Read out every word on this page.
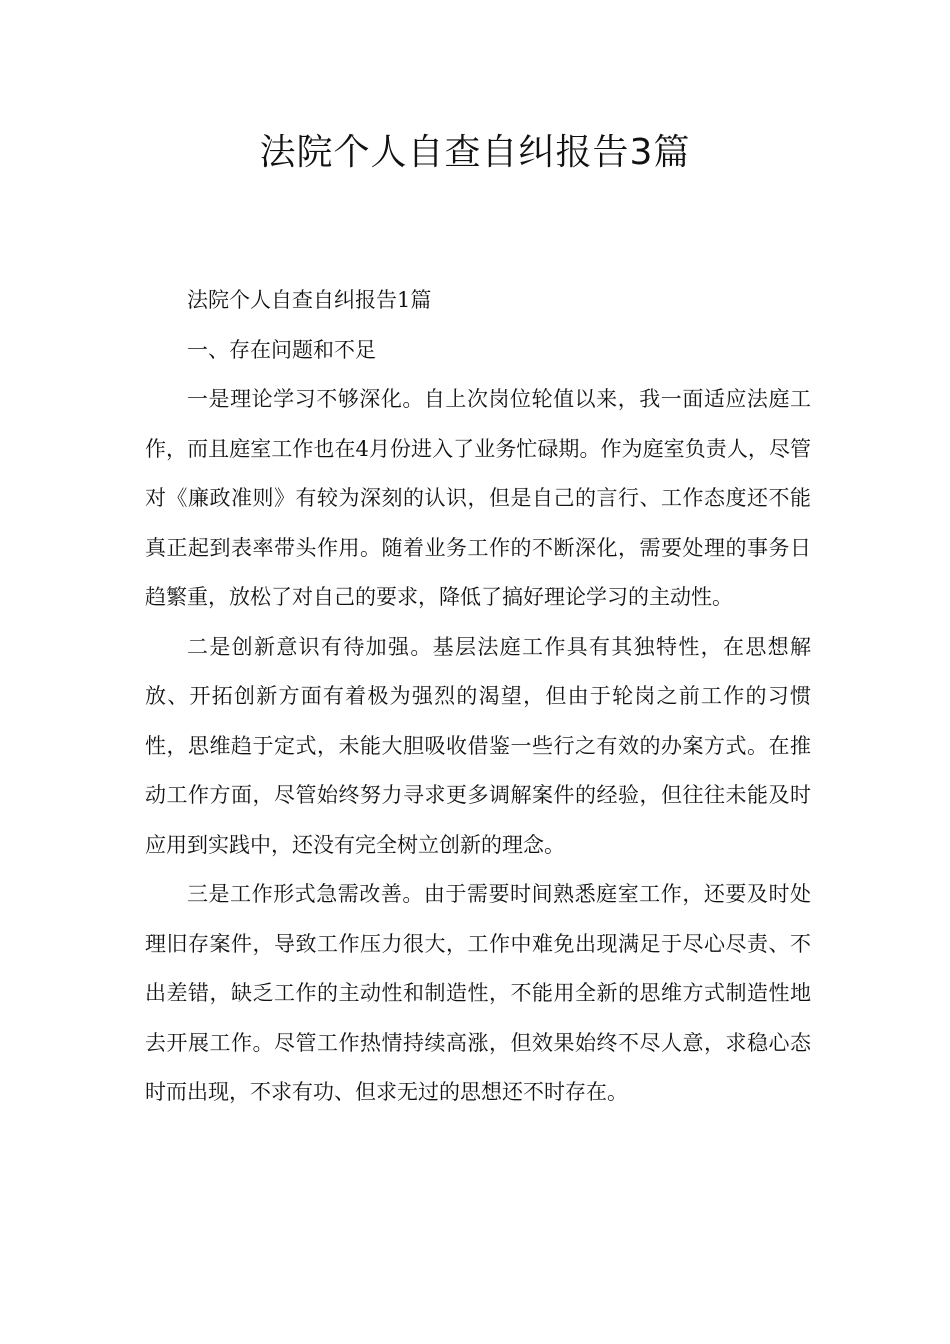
法院个人自查自纠报告3篇

法院个人自查自纠报告1篇

一、存在问题和不足

一是理论学习不够深化。自上次岗位轮值以来，我一面适应法庭工作，而且庭室工作也在4月份进入了业务忙碌期。作为庭室负责人，尽管对《廉政准则》有较为深刻的认识，但是自己的言行、工作态度还不能真正起到表率带头作用。随着业务工作的不断深化，需要处理的事务日趋繁重，放松了对自己的要求，降低了搞好理论学习的主动性。

二是创新意识有待加强。基层法庭工作具有其独特性，在思想解放、开拓创新方面有着极为强烈的渴望，但由于轮岗之前工作的习惯性，思维趋于定式，未能大胆吸收借鉴一些行之有效的办案方式。在推动工作方面，尽管始终努力寻求更多调解案件的经验，但往往未能及时应用到实践中，还没有完全树立创新的理念。

三是工作形式急需改善。由于需要时间熟悉庭室工作，还要及时处理旧存案件，导致工作压力很大，工作中难免出现满足于尽心尽责、不出差错，缺乏工作的主动性和制造性，不能用全新的思维方式制造性地去开展工作。尽管工作热情持续高涨，但效果始终不尽人意，求稳心态时而出现，不求有功、但求无过的思想还不时存在。
